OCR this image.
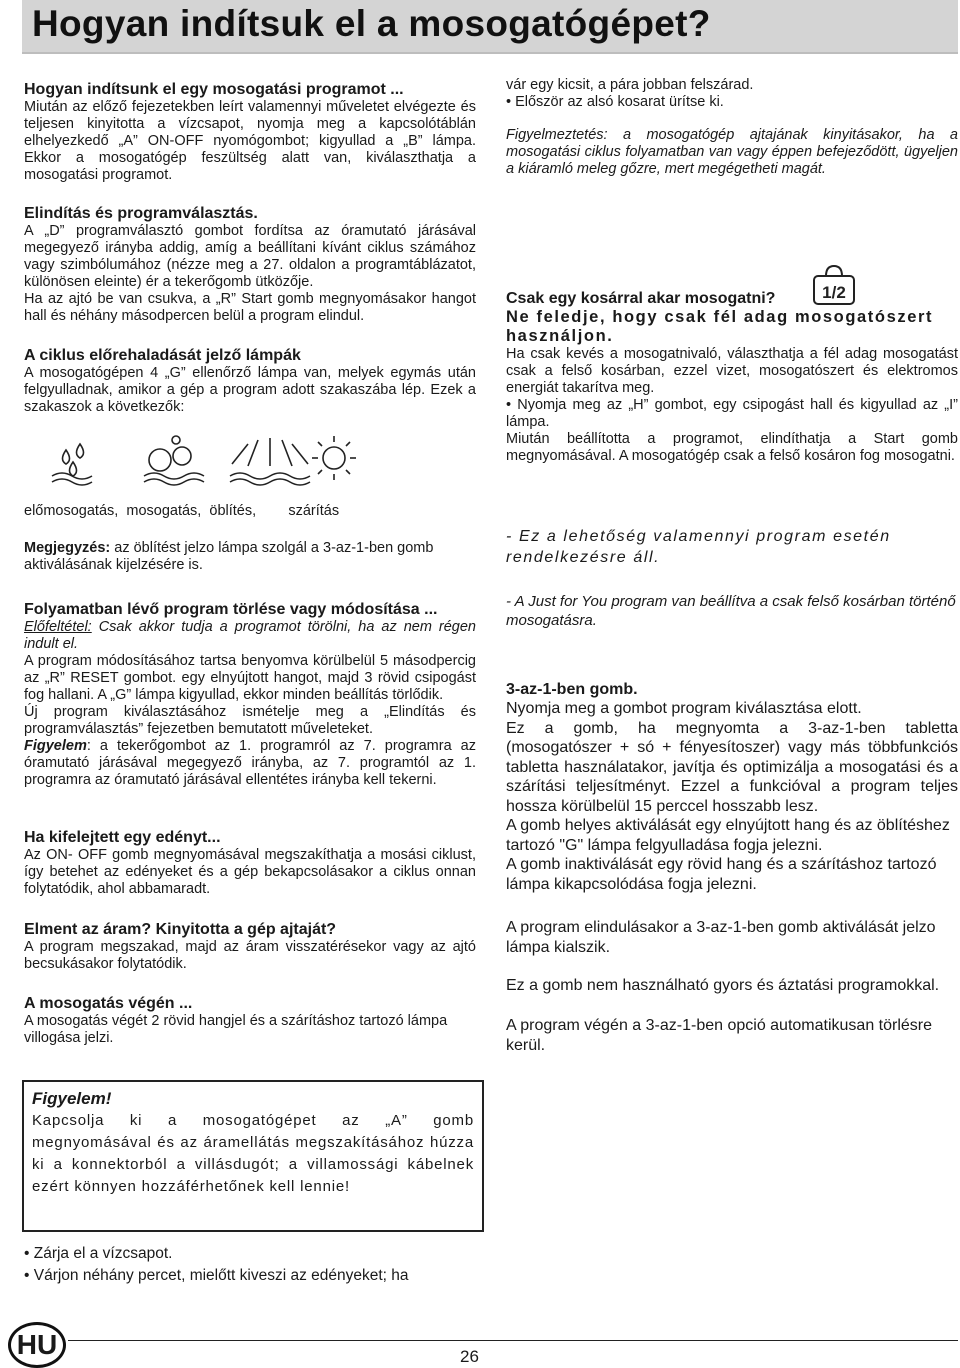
Hogyan indítsuk el a mosogatógépet?

Hogyan indítsunk el egy mosogatási programot ...

Miután az előző fejezetekben leírt valamennyi műveletet elvégezte és teljesen kinyitotta a vízcsapot, nyomja meg a kapcsolótáblán elhelyezkedő „A” ON-OFF nyomógombot; kigyullad a „B” lámpa. Ekkor a mosogatógép feszültség alatt van, kiválaszthatja a mosogatási programot.

Elindítás és programválasztás.

A „D” programválasztó gombot fordítsa az óramutató járásával megegyező irányba addig, amíg a beállítani kívánt ciklus számához vagy szimbólumához (nézze meg a 27. oldalon a programtáblázatot, különösen eleinte) ér a tekerőgomb ütközője.

Ha az ajtó be van csukva, a „R” Start gomb megnyomásakor hangot hall és néhány másodpercen belül a program elindul.

A ciklus előrehaladását jelző lámpák

A mosogatógépen 4 „G” ellenőrző lámpa van, melyek egymás után felgyulladnak, amikor a gép a program adott szakaszába lép. Ezek a szakaszok a következők:

előmosogatás,  mosogatás,  öblítés,        szárítás

Megjegyzés: az öblítést jelzo lámpa szolgál a 3-az-1-ben gomb aktiválásának kijelzésére is.

Folyamatban lévő program törlése vagy módosítása ...

Előfeltétel: Csak akkor tudja a programot törölni, ha az nem régen indult el.

A program módosításához tartsa benyomva körülbelül 5 másodpercig az „R” RESET gombot. egy elnyújtott hangot, majd 3 rövid csipogást fog hallani. A „G” lámpa kigyullad, ekkor minden beállítás törlődik.

Új program kiválasztásához ismételje meg a „Elindítás és programválasztás” fejezetben bemutatott műveleteket.

Figyelem: a tekerőgombot az 1. programról az 7. programra az óramutató járásával megegyező irányba, az 7. programtól az 1. programra az óramutató járásával ellentétes irányba kell tekerni.

Ha kifelejtett egy edényt...

Az ON- OFF gomb megnyomásával megszakíthatja a mosási ciklust, így betehet az edényeket és a gép bekapcsolásakor a ciklus onnan folytatódik, ahol abbamaradt.

Elment az áram? Kinyitotta a gép ajtaját?

A program megszakad, majd az áram visszatérésekor vagy az ajtó becsukásakor folytatódik.

A mosogatás végén ...

A mosogatás végét 2 rövid hangjel és a szárításhoz tartozó lámpa villogása jelzi.

vár egy kicsit, a pára jobban felszárad.

• Először az alsó kosarat ürítse ki.

Figyelmeztetés: a mosogatógép ajtajának kinyitásakor, ha a mosogatási ciklus folyamatban van vagy éppen befejeződött, ügyeljen a kiáramló meleg gőzre, mert megégetheti magát.

1/2

Csak egy kosárral akar mosogatni?

Ne feledje, hogy csak fél adag mosogatószert használjon.

Ha csak kevés a mosogatnivaló, választhatja a fél adag mosogatást csak a felső kosárban, ezzel vizet, mosogatószert és elektromos energiát takarítva meg.

• Nyomja meg az „H” gombot, egy csipogást hall és kigyullad az „I” lámpa.

Miután beállította a programot, elindíthatja a Start gomb megnyomásával. A mosogatógép csak a felső kosáron fog mosogatni.

- Ez a lehetőség valamennyi program esetén rendelkezésre áll.
- A Just for You program van beállítva a csak felső kosárban történő mosogatásra.

3-az-1-ben gomb.

Nyomja meg a gombot program kiválasztása elott.

Ez a gomb, ha megnyomta a 3-az-1-ben tabletta (mosogatószer + só + fényesítoszer) vagy más többfunkciós tabletta használatakor, javítja és optimizálja a mosogatási és a szárítási teljesítményt. Ezzel a funkcióval a program teljes hossza körülbelül 15 perccel hosszabb lesz.

A gomb helyes aktiválását egy elnyújtott hang és az öblítéshez tartozó "G" lámpa felgyulladása fogja jelezni.

A gomb inaktiválását egy rövid hang és a szárításhoz tartozó lámpa kikapcsolódása fogja jelezni.

A program elindulásakor a 3-az-1-ben gomb aktiválását jelzo lámpa kialszik.
Ez a gomb nem használható gyors és áztatási programokkal.
A program végén a 3-az-1-ben opció automatikusan törlésre kerül.

Figyelem!

Kapcsolja ki a mosogatógépet az „A” gomb megnyomásával és az áramellátás megszakításához húzza ki a konnektorból a villásdugót; a villamossági kábelnek ezért könnyen hozzáférhetőnek kell lennie!

• Zárja el a vízcsapot.

• Várjon néhány percet, mielőtt kiveszi az edényeket; ha

HU	26
